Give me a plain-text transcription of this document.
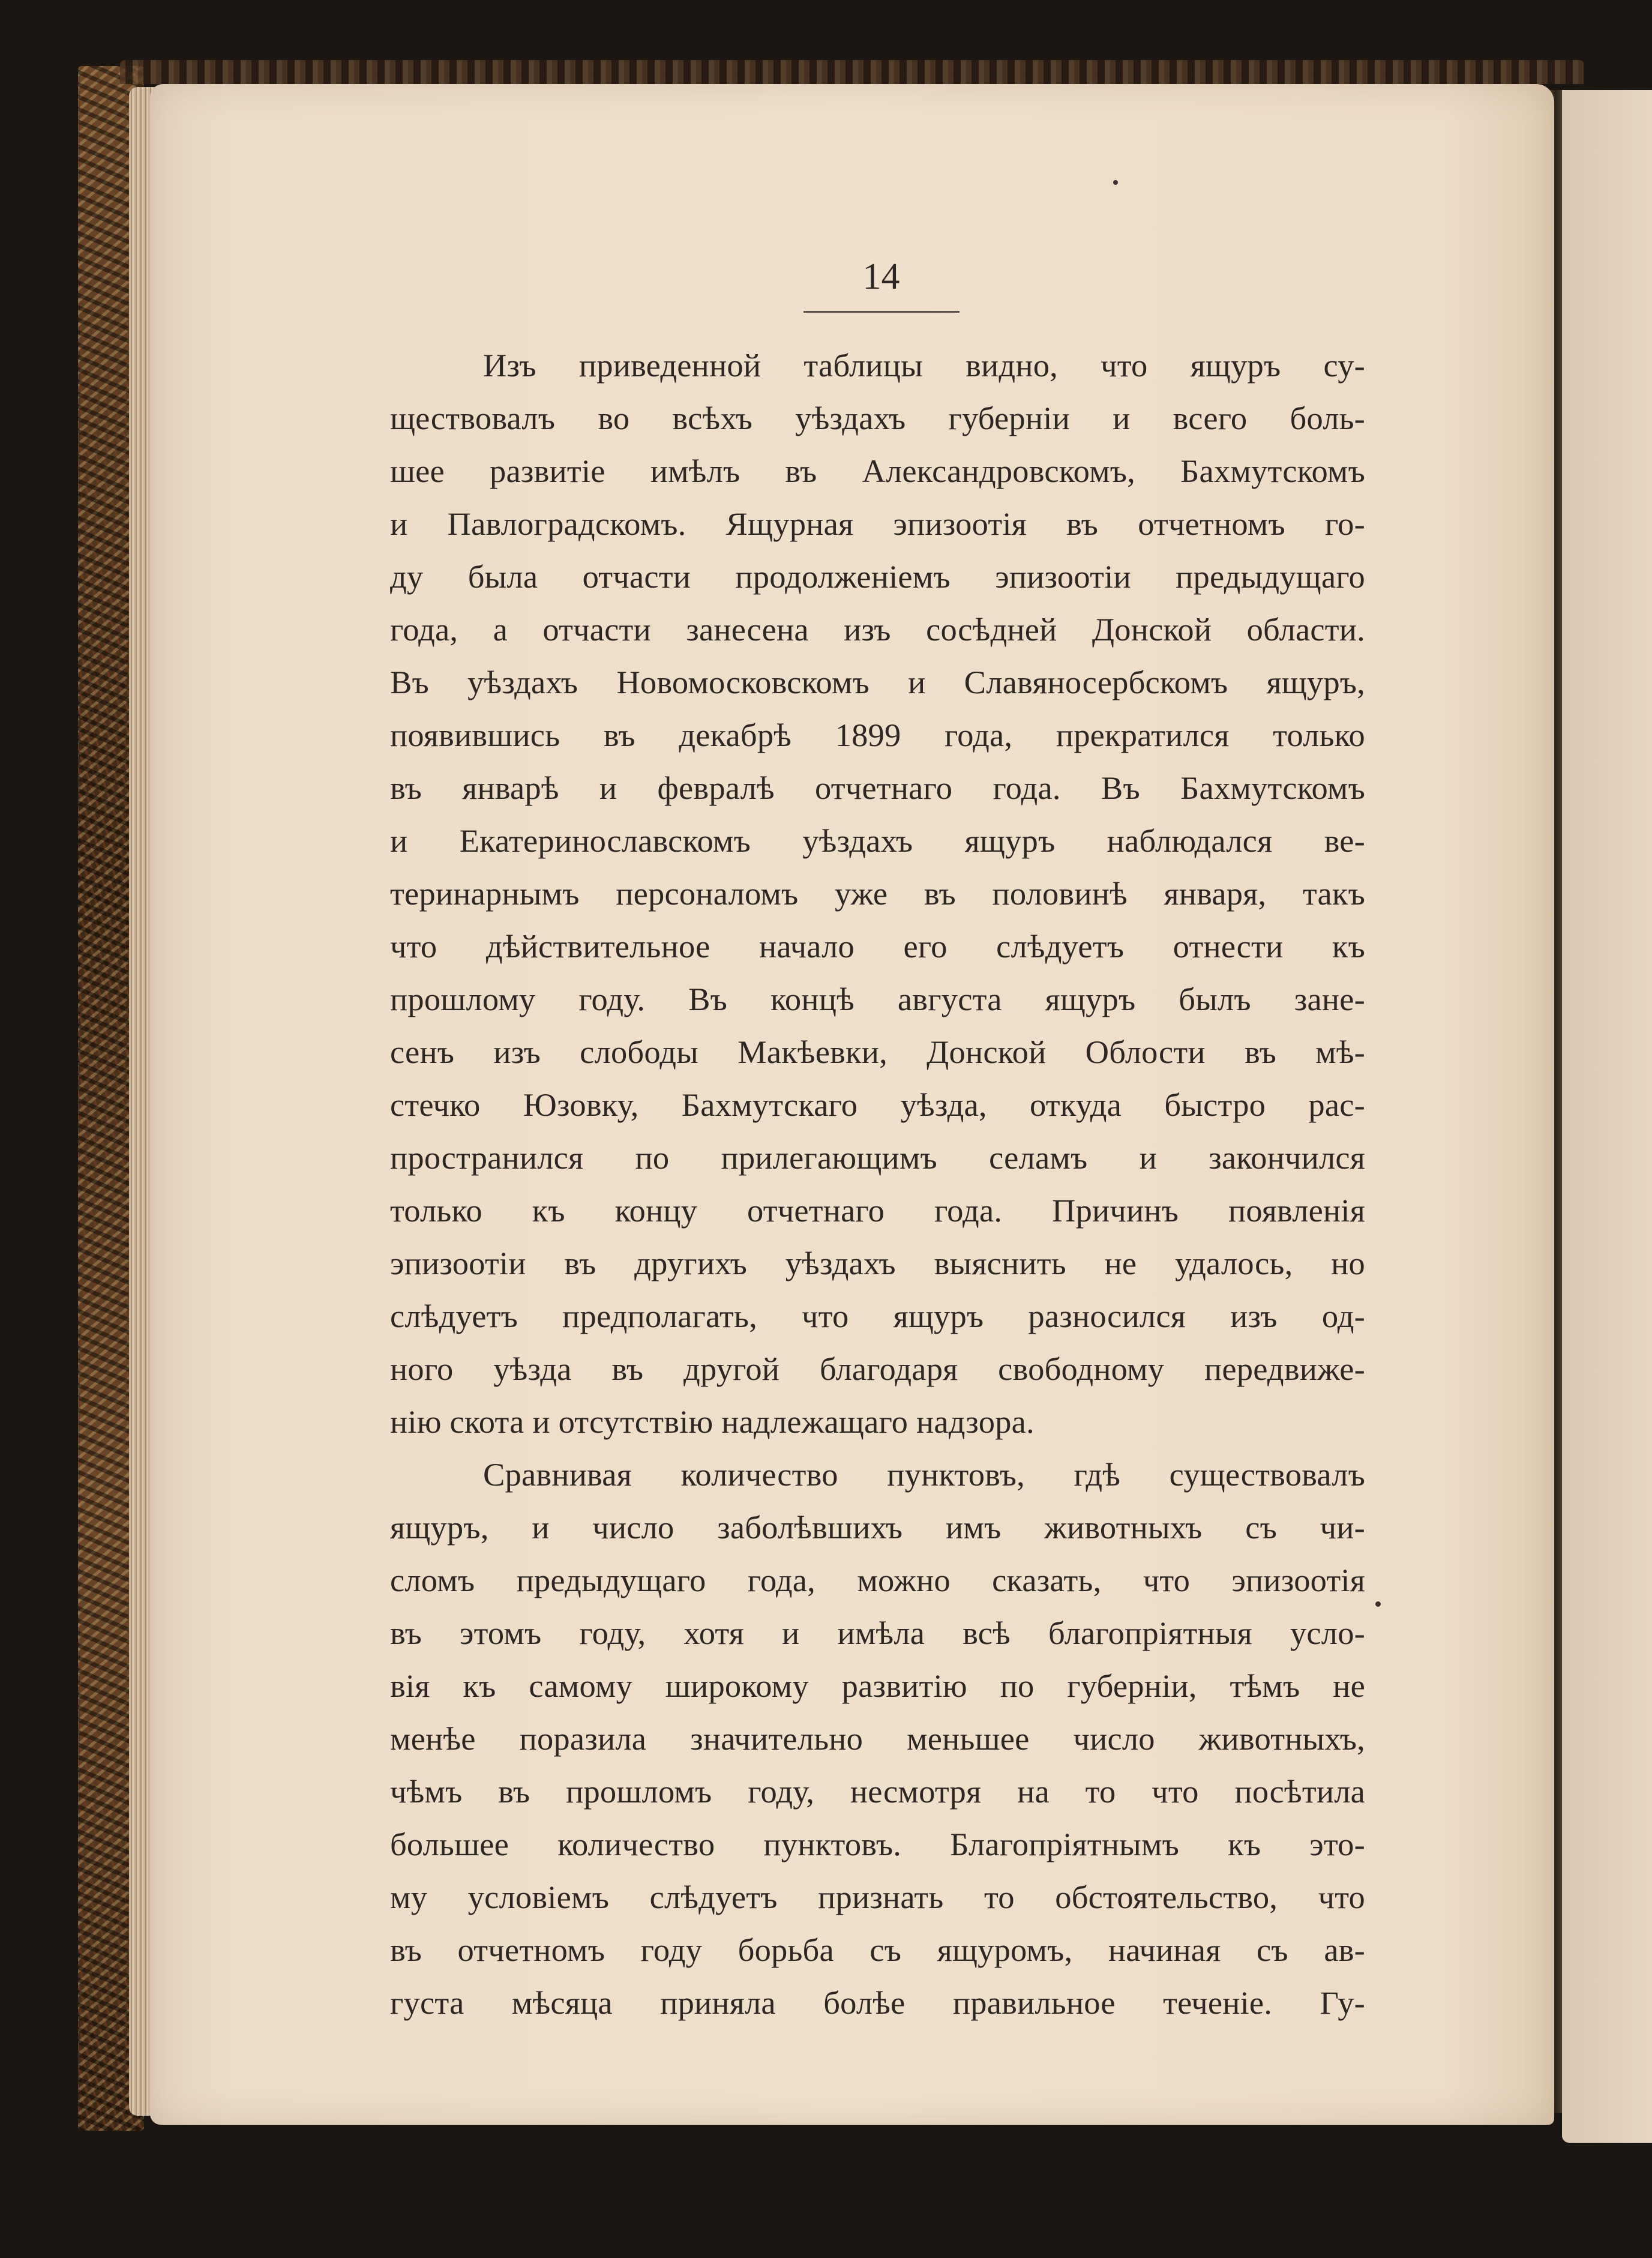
14
Изъ приведенной таблицы видно, что ящуръ су-
ществовалъ во всѣхъ уѣздахъ губерніи и всего боль-
шее развитіе имѣлъ въ Александровскомъ, Бахмутскомъ
и Павлоградскомъ. Ящурная эпизоотія въ отчетномъ го-
ду была отчасти продолженіемъ эпизоотіи предыдущаго
года, а отчасти занесена изъ сосѣдней Донской области.
Въ уѣздахъ Новомосковскомъ и Славяносербскомъ ящуръ,
появившись въ декабрѣ 1899 года, прекратился только
въ январѣ и февралѣ отчетнаго года. Въ Бахмутскомъ
и Екатеринославскомъ уѣздахъ ящуръ наблюдался ве-
теринарнымъ персоналомъ уже въ половинѣ января, такъ
что дѣйствительное начало его слѣдуетъ отнести къ
прошлому году. Въ концѣ августа ящуръ былъ зане-
сенъ изъ слободы Макѣевки, Донской Облости въ мѣ-
стечко Юзовку, Бахмутскаго уѣзда, откуда быстро рас-
пространился по прилегающимъ селамъ и закончился
только къ концу отчетнаго года. Причинъ появленія
эпизоотіи въ другихъ уѣздахъ выяснить не удалось, но
слѣдуетъ предполагать, что ящуръ разносился изъ од-
ного уѣзда въ другой благодаря свободному передвиже-
нію скота и отсутствію надлежащаго надзора.
Сравнивая количество пунктовъ, гдѣ существовалъ
ящуръ, и число заболѣвшихъ имъ животныхъ съ чи-
сломъ предыдущаго года, можно сказать, что эпизоотія
въ этомъ году, хотя и имѣла всѣ благопріятныя усло-
вія къ самому широкому развитію по губерніи, тѣмъ не
менѣе поразила значительно меньшее число животныхъ,
чѣмъ въ прошломъ году, несмотря на то что посѣтила
большее количество пунктовъ. Благопріятнымъ къ это-
му условіемъ слѣдуетъ признать то обстоятельство, что
въ отчетномъ году борьба съ ящуромъ, начиная съ ав-
густа мѣсяца приняла болѣе правильное теченіе. Гу-
